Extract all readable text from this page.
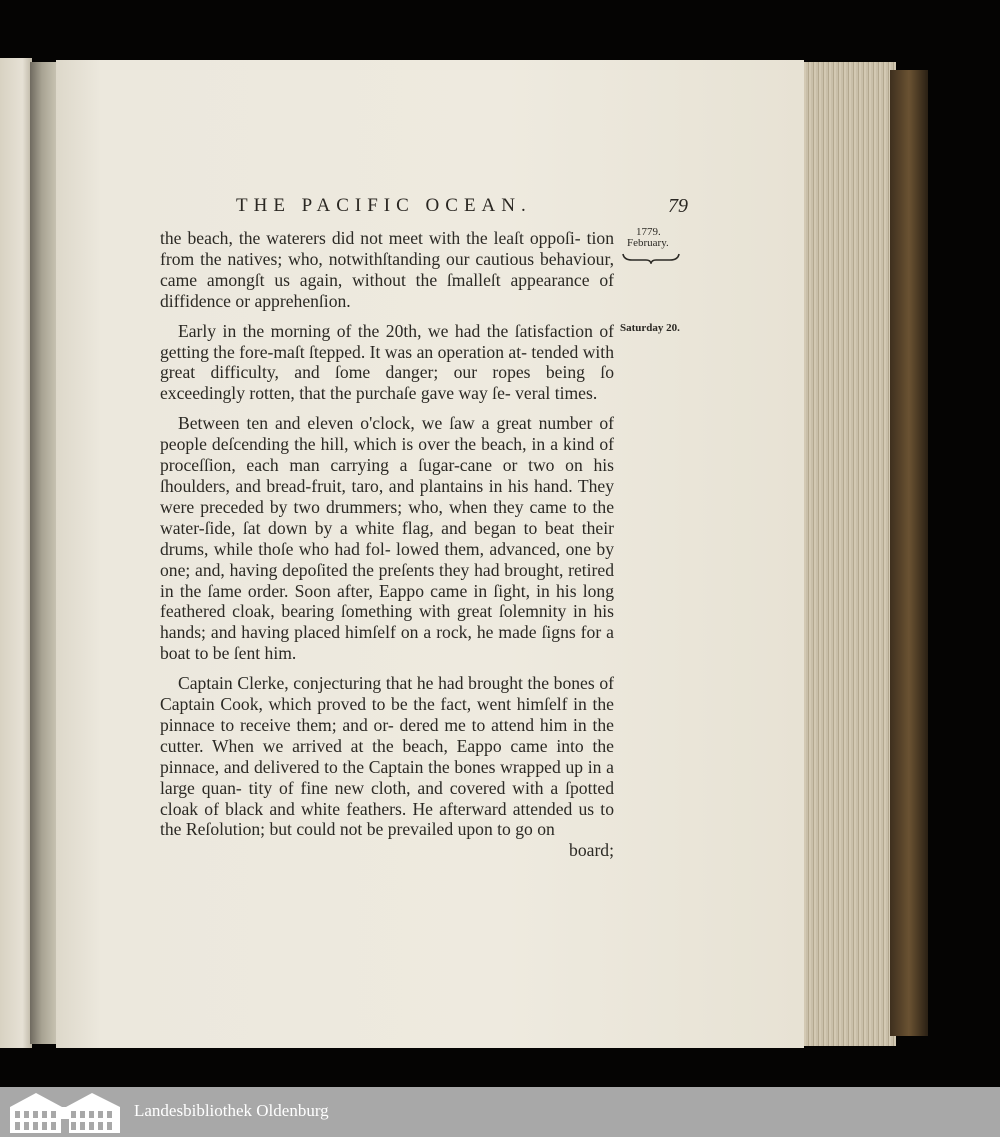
THE PACIFIC OCEAN.	79
1779.
February.
Saturday 20.

the beach, the waterers did not meet with the leaſt oppoſi- tion from the natives; who, notwithſtanding our cautious behaviour, came amongſt us again, without the ſmalleſt appearance of diffidence or apprehenſion.

Early in the morning of the 20th, we had the ſatisfaction of getting the fore-maſt ſtepped. It was an operation at- tended with great difficulty, and ſome danger; our ropes being ſo exceedingly rotten, that the purchaſe gave way ſe- veral times.

Between ten and eleven o'clock, we ſaw a great number of people deſcending the hill, which is over the beach, in a kind of proceſſion, each man carrying a ſugar-cane or two on his ſhoulders, and bread-fruit, taro, and plantains in his hand. They were preceded by two drummers; who, when they came to the water-ſide, ſat down by a white flag, and began to beat their drums, while thoſe who had fol- lowed them, advanced, one by one; and, having depoſited the preſents they had brought, retired in the ſame order. Soon after, Eappo came in ſight, in his long feathered cloak, bearing ſomething with great ſolemnity in his hands; and having placed himſelf on a rock, he made ſigns for a boat to be ſent him.

Captain Clerke, conjecturing that he had brought the bones of Captain Cook, which proved to be the fact, went himſelf in the pinnace to receive them; and or- dered me to attend him in the cutter. When we arrived at the beach, Eappo came into the pinnace, and delivered to the Captain the bones wrapped up in a large quan- tity of fine new cloth, and covered with a ſpotted cloak of black and white feathers. He afterward attended us to the Reſolution; but could not be prevailed upon to go on

board;
Landesbibliothek Oldenburg
